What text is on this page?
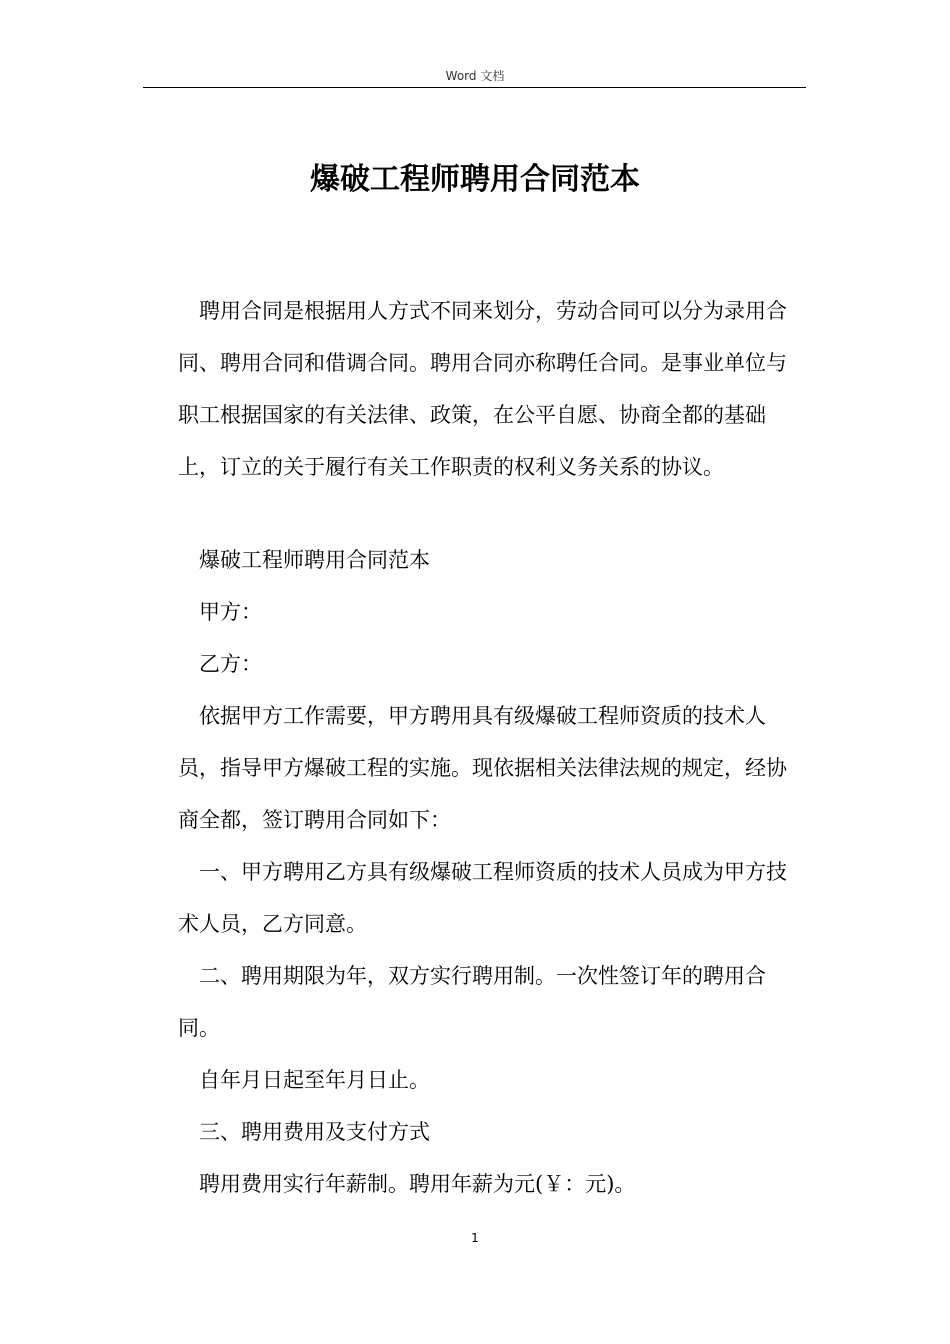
Word 文档
爆破工程师聘用合同范本

聘用合同是根据用人方式不同来划分，劳动合同可以分为录用合同、聘用合同和借调合同。聘用合同亦称聘任合同。是事业单位与职工根据国家的有关法律、政策，在公平自愿、协商全都的基础上，订立的关于履行有关工作职责的权利义务关系的协议。

爆破工程师聘用合同范本

甲方：

乙方：

依据甲方工作需要，甲方聘用具有级爆破工程师资质的技术人员，指导甲方爆破工程的实施。现依据相关法律法规的规定，经协商全都，签订聘用合同如下：

一、甲方聘用乙方具有级爆破工程师资质的技术人员成为甲方技术人员，乙方同意。

二、聘用期限为年，双方实行聘用制。一次性签订年的聘用合同。

自年月日起至年月日止。

三、聘用费用及支付方式

聘用费用实行年薪制。聘用年薪为元(￥：元)。

1
